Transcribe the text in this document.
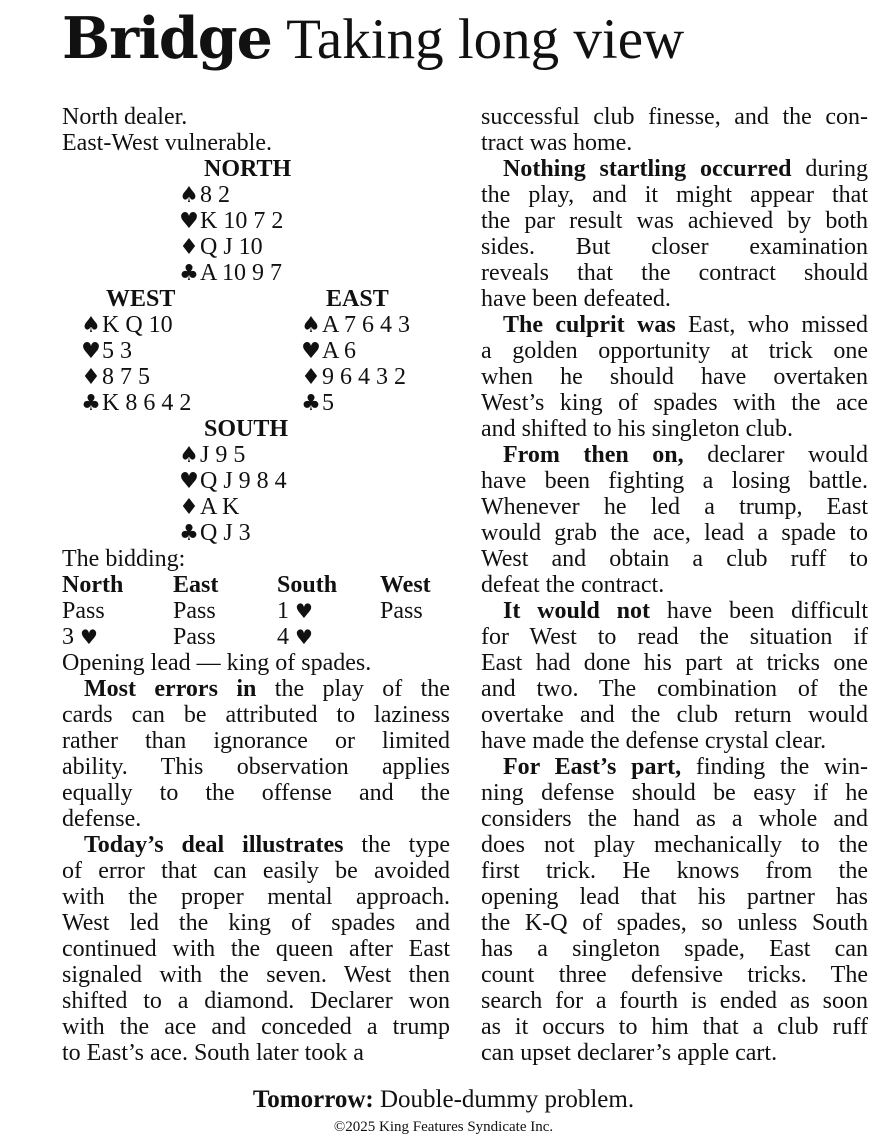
Bridge Taking long view
North dealer.
East-West vulnerable.
NORTH
♠8 2
♥K 10 7 2
♦Q J 10
♣A 10 9 7
WEST
♠K Q 10
♥5 3
♦8 7 5
♣K 8 6 4 2
EAST
♠A 7 6 4 3
♥A 6
♦9 6 4 3 2
♣5
SOUTH
♠J 9 5
♥Q J 9 8 4
♦A K
♣Q J 3
The bidding:
North East South West
Pass	Pass	1 ♥	Pass
3 ♥	Pass	4 ♥
Opening lead — king of spades.
Most errors in the play of the
cards can be attributed to laziness
rather than ignorance or limited
ability. This observation applies
equally to the offense and the
defense.
Today’s deal illustrates the type
of error that can easily be avoided
with the proper mental approach.
West led the king of spades and
continued with the queen after East
signaled with the seven. West then
shifted to a diamond. Declarer won
with the ace and conceded a trump
to East’s ace. South later took a
successful club finesse, and the con-
tract was home.
Nothing startling occurred during
the play, and it might appear that
the par result was achieved by both
sides. But closer examination
reveals that the contract should
have been defeated.
The culprit was East, who missed
a golden opportunity at trick one
when he should have overtaken
West’s king of spades with the ace
and shifted to his singleton club.
From then on, declarer would
have been fighting a losing battle.
Whenever he led a trump, East
would grab the ace, lead a spade to
West and obtain a club ruff to
defeat the contract.
It would not have been difficult
for West to read the situation if
East had done his part at tricks one
and two. The combination of the
overtake and the club return would
have made the defense crystal clear.
For East’s part, finding the win-
ning defense should be easy if he
considers the hand as a whole and
does not play mechanically to the
first trick. He knows from the
opening lead that his partner has
the K-Q of spades, so unless South
has a singleton spade, East can
count three defensive tricks. The
search for a fourth is ended as soon
as it occurs to him that a club ruff
can upset declarer’s apple cart.
Tomorrow: Double-dummy problem.
©2025 King Features Syndicate Inc.
